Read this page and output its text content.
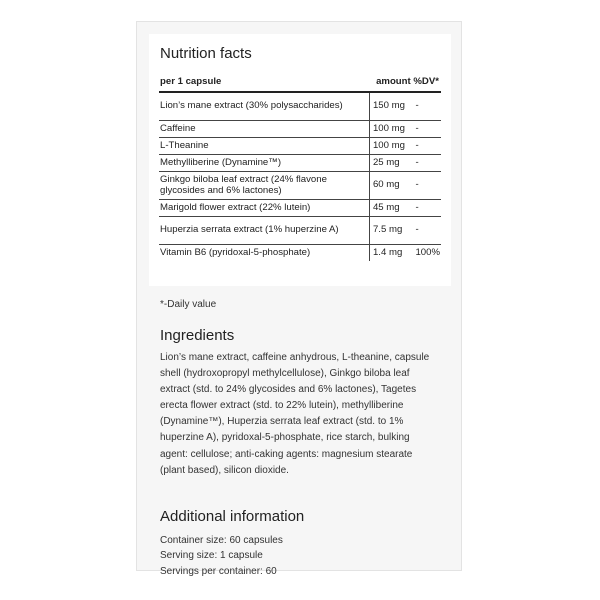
Nutrition facts
per 1 capsule	amount %DV*	
Lion’s mane extract (30% polysaccharides)	150 mg	-
Caffeine	100 mg	-
L-Theanine	100 mg	-
Methylliberine (Dynamine™)	25 mg	-
Ginkgo biloba leaf extract (24% flavone glycosides and 6% lactones)	60 mg	-
Marigold flower extract (22% lutein)	45 mg	-
Huperzia serrata extract (1% huperzine A)	7.5 mg	-
Vitamin B6 (pyridoxal-5-phosphate)	1.4 mg	100%
*-Daily value
Ingredients
Lion’s mane extract, caffeine anhydrous, L-theanine, capsule shell (hydroxopropyl methylcellulose), Ginkgo biloba leaf extract (std. to 24% glycosides and 6% lactones), Tagetes erecta flower extract (std. to 22% lutein), methylliberine (Dynamine™), Huperzia serrata leaf extract (std. to 1% huperzine A), pyridoxal-5-phosphate, rice starch, bulking agent: cellulose; anti-caking agents: magnesium stearate (plant based), silicon dioxide.
Additional information
Container size: 60 capsules
Serving size: 1 capsule
Servings per container: 60
